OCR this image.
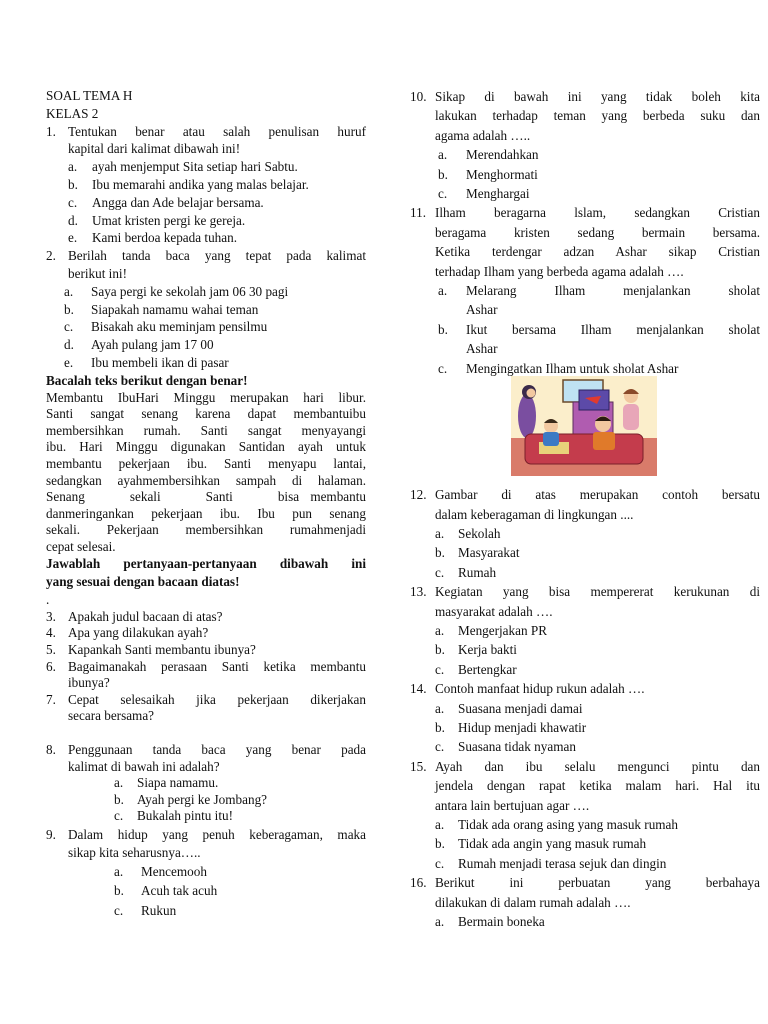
SOAL TEMA H
KELAS 2
1. Tentukan benar atau salah penulisan huruf
kapital dari kalimat dibawah ini!
a.	ayah menjemput Sita setiap hari Sabtu.
b.	Ibu memarahi andika yang malas belajar.
c.	Angga dan Ade belajar bersama.
d.	Umat kristen pergi ke gereja.
e.	Kami berdoa kepada tuhan.
2. Berilah tanda baca yang tepat pada kalimat
berikut ini!
a.	Saya pergi ke sekolah jam 06 30 pagi
b.	Siapakah namamu wahai teman
c.	Bisakah aku meminjam pensilmu
d.	Ayah pulang jam 17 00
e.	Ibu membeli ikan di pasar
Bacalah teks berikut dengan benar!
Membantu IbuHari Minggu merupakan hari libur.
Santi sangat senang karena dapat membantuibu
membersihkan rumah. Santi sangat menyayangi
ibu. Hari Minggu digunakan Santidan ayah untuk
membantu pekerjaan ibu. Santi menyapu lantai,
sedangkan ayahmembersihkan sampah di halaman.
Senang    sekali    Santi    bisa membantu
danmeringankan pekerjaan ibu. Ibu pun senang
sekali. Pekerjaan membersihkan rumahmenjadi
cepat selesai.
Jawablah pertanyaan-pertanyaan dibawah ini
yang sesuai dengan bacaan diatas!
.
3. Apakah judul bacaan di atas?
4. Apa yang dilakukan ayah?
5. Kapankah Santi membantu ibunya?
6. Bagaimanakah perasaan Santi ketika membantu
ibunya?
7. Cepat selesaikah jika pekerjaan dikerjakan
secara bersama?
8. Penggunaan tanda baca yang benar pada
kalimat di bawah ini adalah?
a.	Siapa namamu.
b. Ayah pergi ke Jombang?
c.	Bukalah pintu itu!
9. Dalam hidup yang penuh keberagaman, maka
sikap kita seharusnya…..
a.	Mencemooh
b.	Acuh tak acuh
c.	Rukun
10. Sikap di bawah ini yang tidak boleh kita
lakukan terhadap teman yang berbeda suku dan
agama adalah …..
a.	Merendahkan
b.	Menghormati
c.	Menghargai
11. Ilham beragarna lslam, sedangkan Cristian
beragama kristen sedang bermain bersama.
Ketika terdengar adzan Ashar sikap Cristian
terhadap Ilham yang berbeda agama adalah ….
a.	Melarang   Ilham   menjalankan   sholat
Ashar
b.	Ikut bersama Ilham menjalankan sholat
Ashar
c.	Mengingatkan Ilham untuk sholat Ashar
12. Gambar di atas merupakan contoh bersatu
dalam keberagaman di lingkungan ....
a.	Sekolah
b. Masyarakat
c.	Rumah
13. Kegiatan yang bisa mempererat kerukunan di
masyarakat adalah ….
a.	Mengerjakan PR
b. Kerja bakti
c.	Bertengkar
14. Contoh manfaat hidup rukun adalah ….
a.	Suasana menjadi damai
b. Hidup menjadi khawatir
c.	Suasana tidak nyaman
15. Ayah dan ibu selalu mengunci pintu dan
jendela dengan rapat ketika malam hari. Hal itu
antara lain bertujuan agar ….
a.	Tidak ada orang asing yang masuk rumah
b. Tidak ada angin yang masuk rumah
c.	Rumah menjadi terasa sejuk dan dingin
16. Berikut    ini    perbuatan    yang    berbahaya
dilakukan di dalam rumah adalah ….
a.	Bermain boneka
